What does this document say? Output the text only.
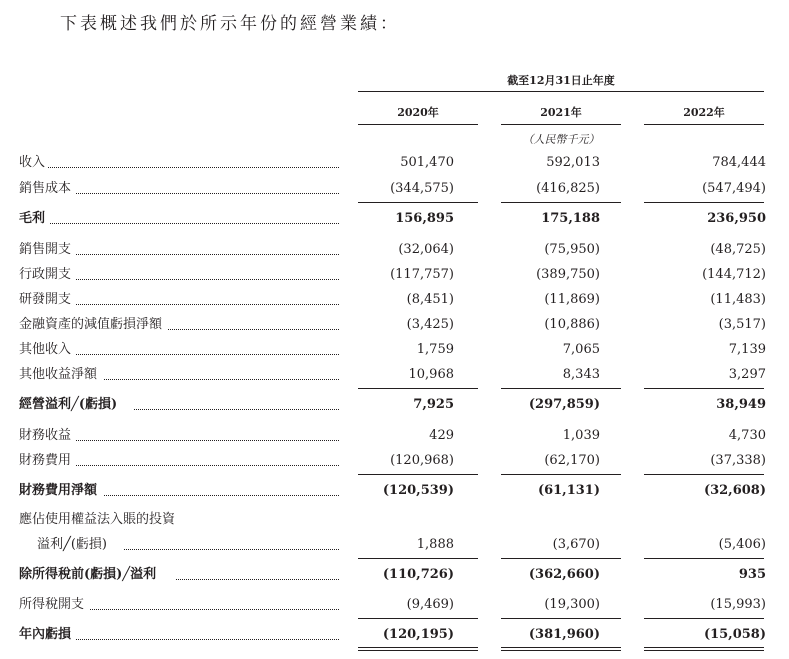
下表概述我們於所示年份的經營業績：
截至12月31日止年度
2020年	2021年	2022年
（人民幣千元）
收入	501,470	592,013	784,444
銷售成本	(344,575)	(416,825)	(547,494)
毛利	156,895	175,188	236,950
銷售開支	(32,064)	(75,950)	(48,725)
行政開支	(117,757)	(389,750)	(144,712)
研發開支	(8,451)	(11,869)	(11,483)
金融資產的減值虧損淨額	(3,425)	(10,886)	(3,517)
其他收入	1,759	7,065	7,139
其他收益淨額	10,968	8,343	3,297
經營溢利╱(虧損)	7,925	(297,859)	38,949
財務收益	429	1,039	4,730
財務費用	(120,968)	(62,170)	(37,338)
財務費用淨額	(120,539)	(61,131)	(32,608)
應佔使用權益法入賬的投資
溢利╱(虧損)	1,888	(3,670)	(5,406)
除所得稅前(虧損)╱溢利	(110,726)	(362,660)	935
所得稅開支	(9,469)	(19,300)	(15,993)
年內虧損	(120,195)	(381,960)	(15,058)
